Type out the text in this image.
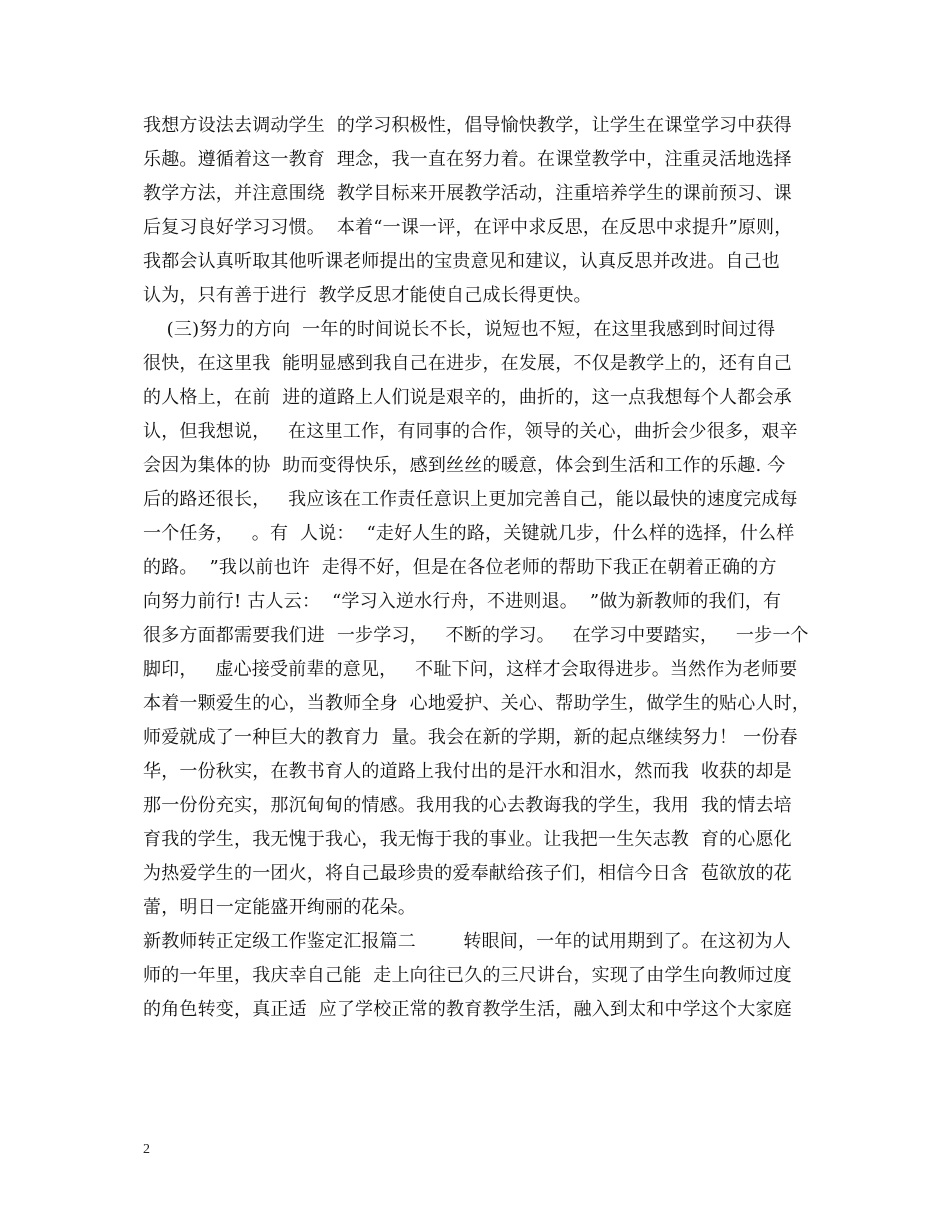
我想方设法去调动学生  的学习积极性，倡导愉快教学，让学生在课堂学习中获得
乐趣。遵循着这一教育  理念，我一直在努力着。在课堂教学中，注重灵活地选择
教学方法，并注意围绕  教学目标来开展教学活动，注重培养学生的课前预习、课
后复习良好学习习惯。  本着“一课一评，在评中求反思，在反思中求提升”原则，
我都会认真听取其他听课老师提出的宝贵意见和建议，认真反思并改进。自己也
认为，只有善于进行  教学反思才能使自己成长得更快。
(三)努力的方向  一年的时间说长不长，说短也不短，在这里我感到时间过得
很快，在这里我  能明显感到我自己在进步，在发展，不仅是教学上的，还有自己
的人格上，在前  进的道路上人们说是艰辛的，曲折的，这一点我想每个人都会承
认，但我想说，   在这里工作，有同事的合作，领导的关心，曲折会少很多，艰辛
会因为集体的协  助而变得快乐，感到丝丝的暖意，体会到生活和工作的乐趣. 今
后的路还很长，   我应该在工作责任意识上更加完善自己，能以最快的速度完成每
一个任务，   。有  人说：  “走好人生的路，关键就几步，什么样的选择，什么样
的路。  ”我以前也许  走得不好，但是在各位老师的帮助下我正在朝着正确的方
向努力前行! 古人云：  “学习入逆水行舟，不进则退。  ”做为新教师的我们，有
很多方面都需要我们进  一步学习，   不断的学习。   在学习中要踏实，   一步一个
脚印，   虚心接受前辈的意见，   不耻下问，这样才会取得进步。当然作为老师要
本着一颗爱生的心，当教师全身  心地爱护、关心、帮助学生，做学生的贴心人时，
师爱就成了一种巨大的教育力  量。我会在新的学期，新的起点继续努力！ 一份春
华，一份秋实，在教书育人的道路上我付出的是汗水和泪水，然而我  收获的却是
那一份份充实，那沉甸甸的情感。我用我的心去教诲我的学生，我用  我的情去培
育我的学生，我无愧于我心，我无悔于我的事业。让我把一生矢志教  育的心愿化
为热爱学生的一团火，将自己最珍贵的爱奉献给孩子们，相信今日含  苞欲放的花
蕾，明日一定能盛开绚丽的花朵。
新教师转正定级工作鉴定汇报篇二        转眼间，一年的试用期到了。在这初为人
师的一年里，我庆幸自己能  走上向往已久的三尺讲台，实现了由学生向教师过度
的角色转变，真正适  应了学校正常的教育教学生活，融入到太和中学这个大家庭
2
